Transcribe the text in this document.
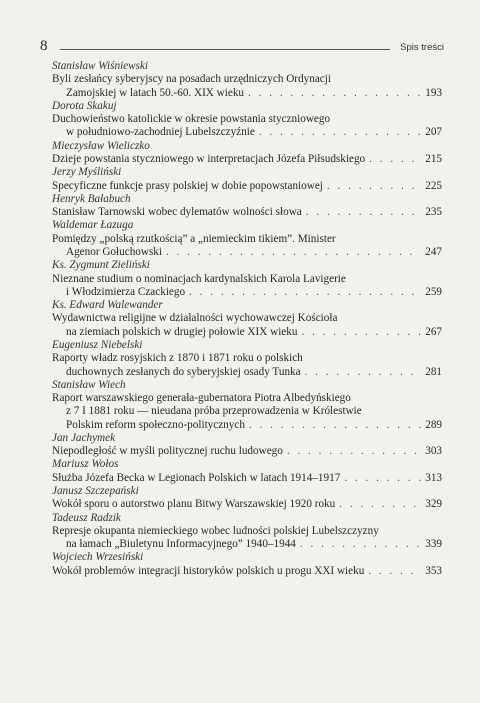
8	Spis treści
Stanisław Wiśniewski
Byli zesłańcy syberyjscy na posadach urzędniczych Ordynacji
Zamojskiej w latach 50.-60. XIX wieku . . .	193
Dorota Skakuj
Duchowieństwo katolickie w okresie powstania styczniowego
w południowo-zachodniej Lubelszczyźnie . . .	207
Mieczysław Wieliczko
Dzieje powstania styczniowego w interpretacjach Józefa Piłsudskiego . . .	215
Jerzy Myśliński
Specyficzne funkcje prasy polskiej w dobie popowstaniowej . . .	225
Henryk Bałabuch
Stanisław Tarnowski wobec dylematów wolności słowa . . .	235
Waldemar Łazuga
Pomiędzy „polską rzutkością” a „niemieckim tikiem”. Minister
Agenor Gołuchowski . . .	247
Ks. Zygmunt Zieliński
Nieznane studium o nominacjach kardynalskich Karola Lavigerie
i Włodzimierza Czackiego . . .	259
Ks. Edward Walewander
Wydawnictwa religijne w działalności wychowawczej Kościoła
na ziemiach polskich w drugiej połowie XIX wieku . . .	267
Eugeniusz Niebelski
Raporty władz rosyjskich z 1870 i 1871 roku o polskich
duchownych zesłanych do syberyjskiej osady Tunka . . .	281
Stanisław Wiech
Raport warszawskiego generała-gubernatora Piotra Albedyńskiego
z 7 I 1881 roku — nieudana próba przeprowadzenia w Królestwie
Polskim reform społeczno-politycznych . . .	289
Jan Jachymek
Niepodległość w myśli politycznej ruchu ludowego . . .	303
Mariusz Wołos
Służba Józefa Becka w Legionach Polskich w latach 1914–1917 . . .	313
Janusz Szczepański
Wokół sporu o autorstwo planu Bitwy Warszawskiej 1920 roku . . .	329
Tadeusz Radzik
Represje okupanta niemieckiego wobec ludności polskiej Lubelszczyzny
na łamach „Biuletynu Informacyjnego” 1940–1944 . . .	339
Wojciech Wrzesiński
Wokół problemów integracji historyków polskich u progu XXI wieku . . .	353
